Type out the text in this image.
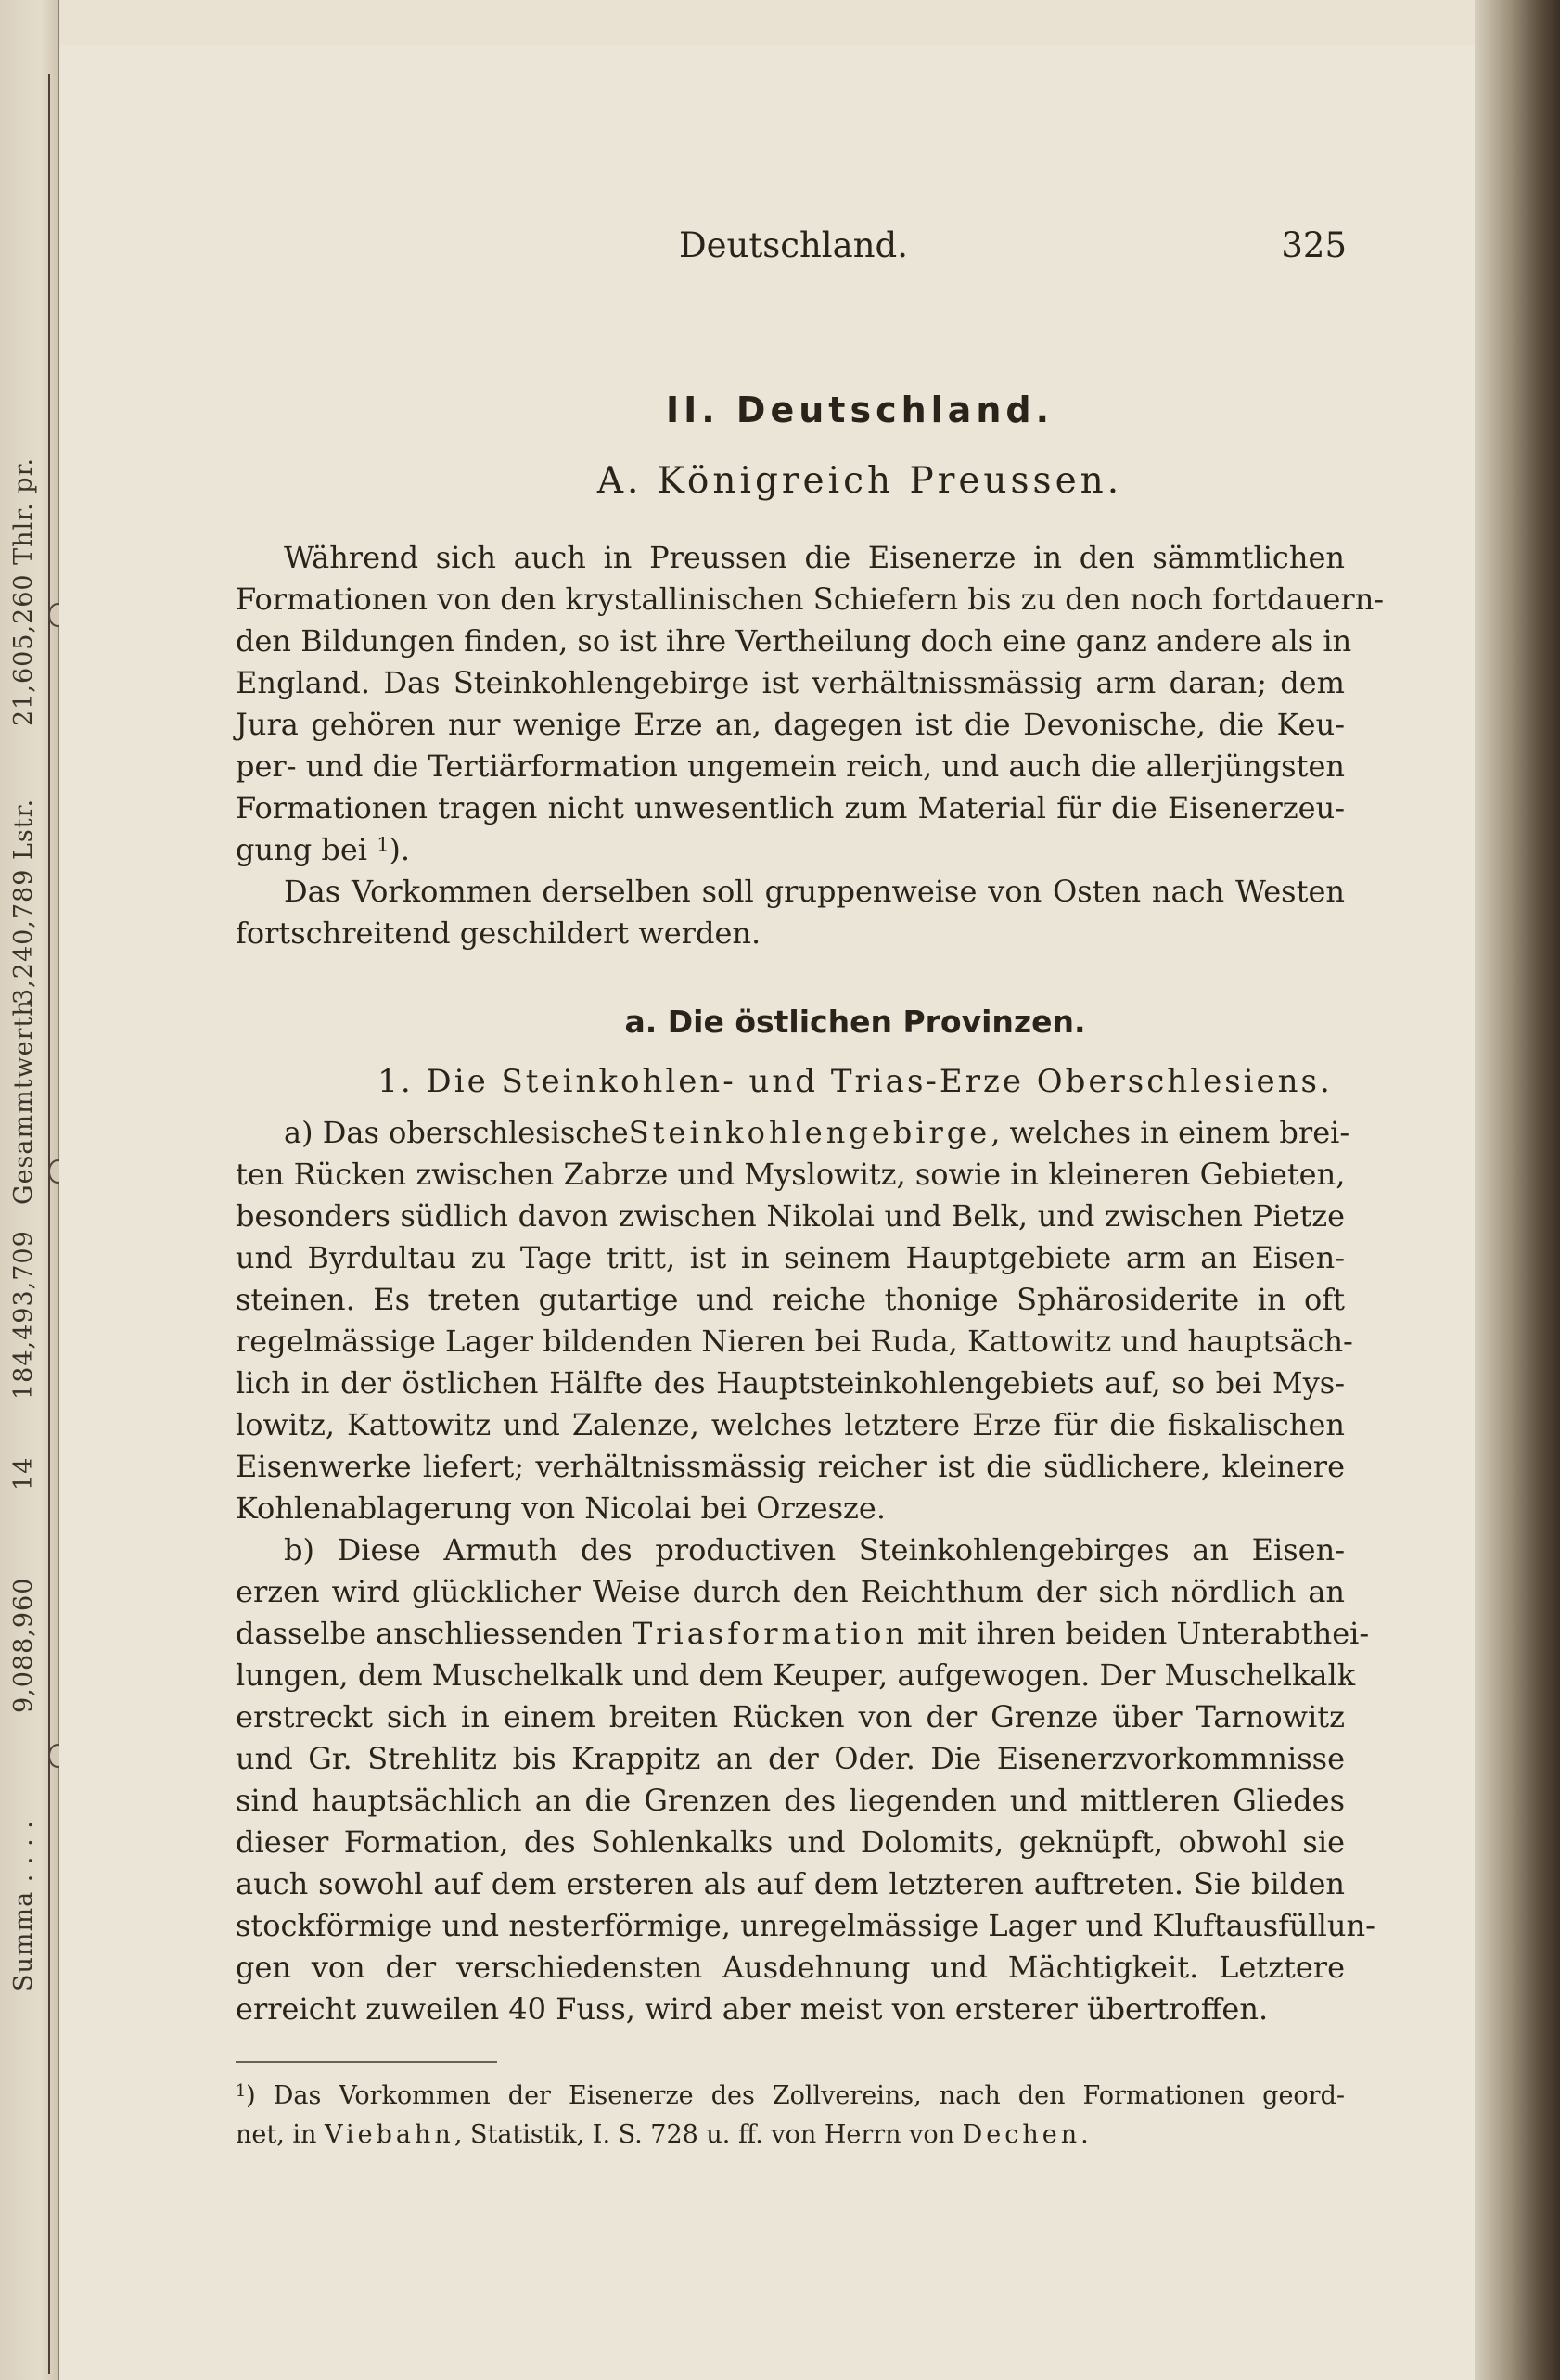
Summa . . . .9,088,96014184,493,709Gesammtwerth3,240,789 Lstr.21,605,260 Thlr. pr.
Deutschland.	325
II. Deutschland.
A. Königreich Preussen.
Während sich auch in Preussen die Eisenerze in den sämmtlichen
Formationen von den krystallinischen Schiefern bis zu den noch fortdauern-
den Bildungen finden, so ist ihre Vertheilung doch eine ganz andere als in
England. Das Steinkohlengebirge ist verhältnissmässig arm daran; dem
Jura gehören nur wenige Erze an, dagegen ist die Devonische, die Keu-
per- und die Tertiärformation ungemein reich, und auch die allerjüngsten
Formationen tragen nicht unwesentlich zum Material für die Eisenerzeu-
gung bei $^1$).
Das Vorkommen derselben soll gruppenweise von Osten nach Westen
fortschreitend geschildert werden.
a. Die östlichen Provinzen.
1. Die Steinkohlen- und Trias-Erze Oberschlesiens.
a) Das oberschlesischeSteinkohlengebirge, welches in einem brei-
ten Rücken zwischen Zabrze und Myslowitz, sowie in kleineren Gebieten,
besonders südlich davon zwischen Nikolai und Belk, und zwischen Pietze
und Byrdultau zu Tage tritt, ist in seinem Hauptgebiete arm an Eisen-
steinen. Es treten gutartige und reiche thonige Sphärosiderite in oft
regelmässige Lager bildenden Nieren bei Ruda, Kattowitz und hauptsäch-
lich in der östlichen Hälfte des Hauptsteinkohlengebiets auf, so bei Mys-
lowitz, Kattowitz und Zalenze, welches letztere Erze für die fiskalischen
Eisenwerke liefert; verhältnissmässig reicher ist die südlichere, kleinere
Kohlenablagerung von Nicolai bei Orzesze.
b) Diese Armuth des productiven Steinkohlengebirges an Eisen-
erzen wird glücklicher Weise durch den Reichthum der sich nördlich an
dasselbe anschliessenden Triasformation mit ihren beiden Unterabthei-
lungen, dem Muschelkalk und dem Keuper, aufgewogen. Der Muschelkalk
erstreckt sich in einem breiten Rücken von der Grenze über Tarnowitz
und Gr. Strehlitz bis Krappitz an der Oder. Die Eisenerzvorkommnisse
sind hauptsächlich an die Grenzen des liegenden und mittleren Gliedes
dieser Formation, des Sohlenkalks und Dolomits, geknüpft, obwohl sie
auch sowohl auf dem ersteren als auf dem letzteren auftreten. Sie bilden
stockförmige und nesterförmige, unregelmässige Lager und Kluftausfüllun-
gen von der verschiedensten Ausdehnung und Mächtigkeit. Letztere
erreicht zuweilen 40 Fuss, wird aber meist von ersterer übertroffen.
$^1$) Das Vorkommen der Eisenerze des Zollvereins, nach den Formationen geord-
net, in Viebahn, Statistik, I. S. 728 u. ff. von Herrn von Dechen.
